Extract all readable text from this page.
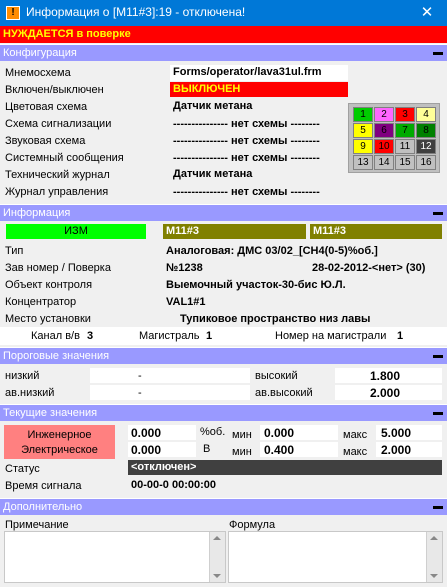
! Информация о [M11#3]:19 - отключена!	✕
НУЖДАЕТСЯ в поверке
Конфигурация
Мнемосхема	Forms/operator/lava31ul.frm
Включен/выключен	ВЫКЛЮЧЕН
Цветовая схема	Датчик метана
Схема сигнализации	--------------- нет схемы --------
Звуковая схема	--------------- нет схемы --------
Системный сообщения	--------------- нет схемы --------
Технический журнал	Датчик метана
Журнал управления	--------------- нет схемы --------
1	2	3	4
5	6	7	8
9	10	11	12
13 14 15 16
Информация
ИЗМ	M11#3	M11#3
Тип	Аналоговая: ДМС 03/02_[CH4(0-5)%об.]
Зав номер / Поверка	№1238	28-02-2012-<нет> (30)
Объект контроля	Выемочный участок-30-бис Ю.Л.
Концентратор	VAL1#1
Место установки	Тупиковое пространство низ лавы
Канал в/в 3	Магистраль 1	Номер на магистрали 1
Пороговые значения
низкий	-	высокий	1.800
ав.низкий	-	ав.высокий	2.000
Текущие значения
Инженерное
Электрическое
0.000	%об. мин 0.000	макс 5.000
0.000	В мин 0.400	макс 2.000
Статус	<отключен>
Время сигнала	00-00-0 00:00:00
Дополнительно
Примечание	Формула
